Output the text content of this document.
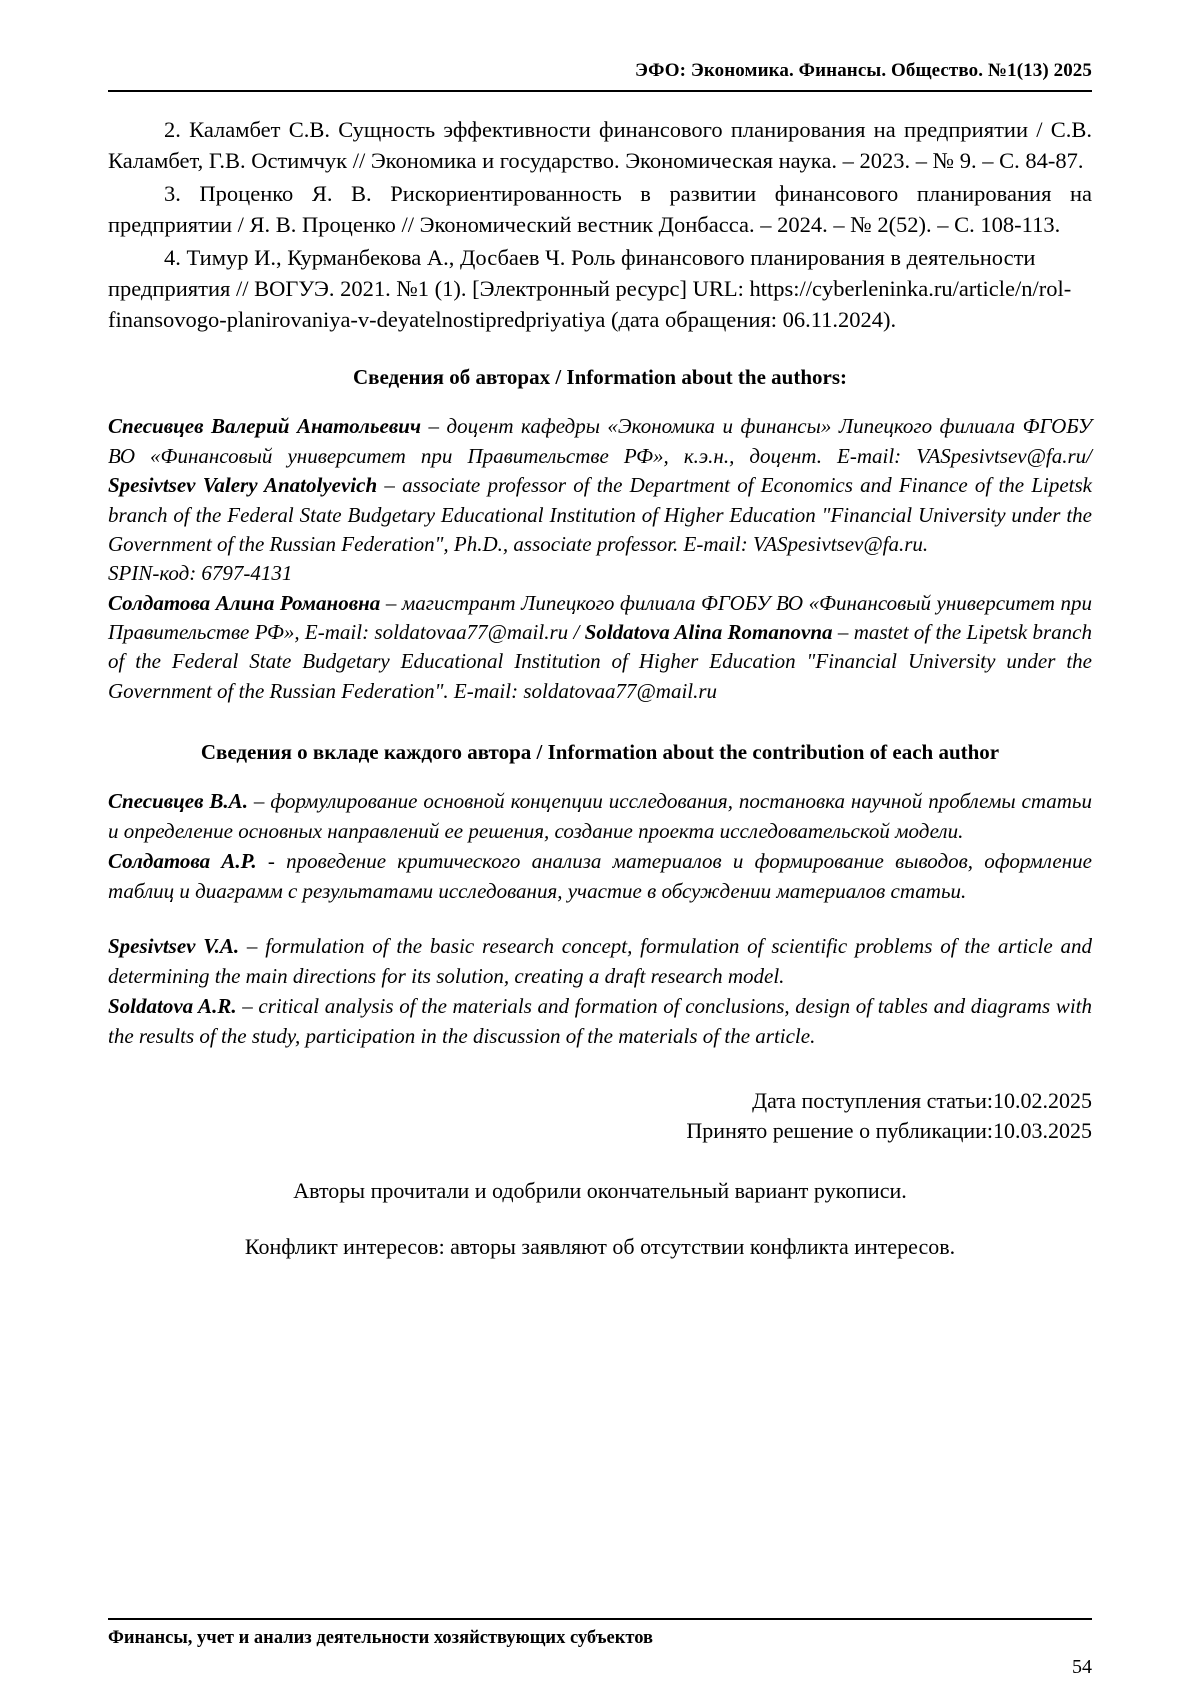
ЭФО: Экономика. Финансы. Общество. №1(13) 2025

2. Каламбет С.В. Сущность эффективности финансового планирования на предприятии / С.В. Каламбет, Г.В. Остимчук // Экономика и государство. Экономическая наука. – 2023. – № 9. – С. 84-87.

3. Проценко Я. В. Рискориентированность в развитии финансового планирования на предприятии / Я. В. Проценко // Экономический вестник Донбасса. – 2024. – № 2(52). – С. 108-113.

4. Тимур И., Курманбекова А., Досбаев Ч. Роль финансового планирования в деятельности предприятия // ВОГУЭ. 2021. №1 (1). [Электронный ресурс] URL: https://cyberleninka.ru/article/n/rol-finansovogo-planirovaniya-v-deyatelnostipredpriyatiya (дата обращения: 06.11.2024).

Сведения об авторах / Information about the authors:

Спесивцев Валерий Анатольевич – доцент кафедры «Экономика и финансы» Липецкого филиала ФГОБУ ВО «Финансовый университет при Правительстве РФ», к.э.н., доцент. E-mail: VASpesivtsev@fa.ru/ Spesivtsev Valery Anatolyevich – associate professor of the Department of Economics and Finance of the Lipetsk branch of the Federal State Budgetary Educational Institution of Higher Education "Financial University under the Government of the Russian Federation", Ph.D., associate professor. E-mail: VASpesivtsev@fa.ru.

SPIN-код: 6797-4131

Солдатова Алина Романовна – магистрант Липецкого филиала ФГОБУ ВО «Финансовый университет при Правительстве РФ», E-mail: soldatovaa77@mail.ru / Soldatova Alina Romanovna – mastet of the Lipetsk branch of the Federal State Budgetary Educational Institution of Higher Education "Financial University under the Government of the Russian Federation". E-mail: soldatovaa77@mail.ru

Сведения о вкладе каждого автора / Information about the contribution of each author

Спесивцев В.А. – формулирование основной концепции исследования, постановка научной проблемы статьи и определение основных направлений ее решения, создание проекта исследовательской модели.

Солдатова А.Р. - проведение критического анализа материалов и формирование выводов, оформление таблиц и диаграмм с результатами исследования, участие в обсуждении материалов статьи.

Spesivtsev V.A. – formulation of the basic research concept, formulation of scientific problems of the article and determining the main directions for its solution, creating a draft research model.

Soldatova A.R. – critical analysis of the materials and formation of conclusions, design of tables and diagrams with the results of the study, participation in the discussion of the materials of the article.

Дата поступления статьи:10.02.2025
Принято решение о публикации:10.03.2025
Авторы прочитали и одобрили окончательный вариант рукописи.
Конфликт интересов: авторы заявляют об отсутствии конфликта интересов.
Финансы, учет и анализ деятельности хозяйствующих субъектов
54
